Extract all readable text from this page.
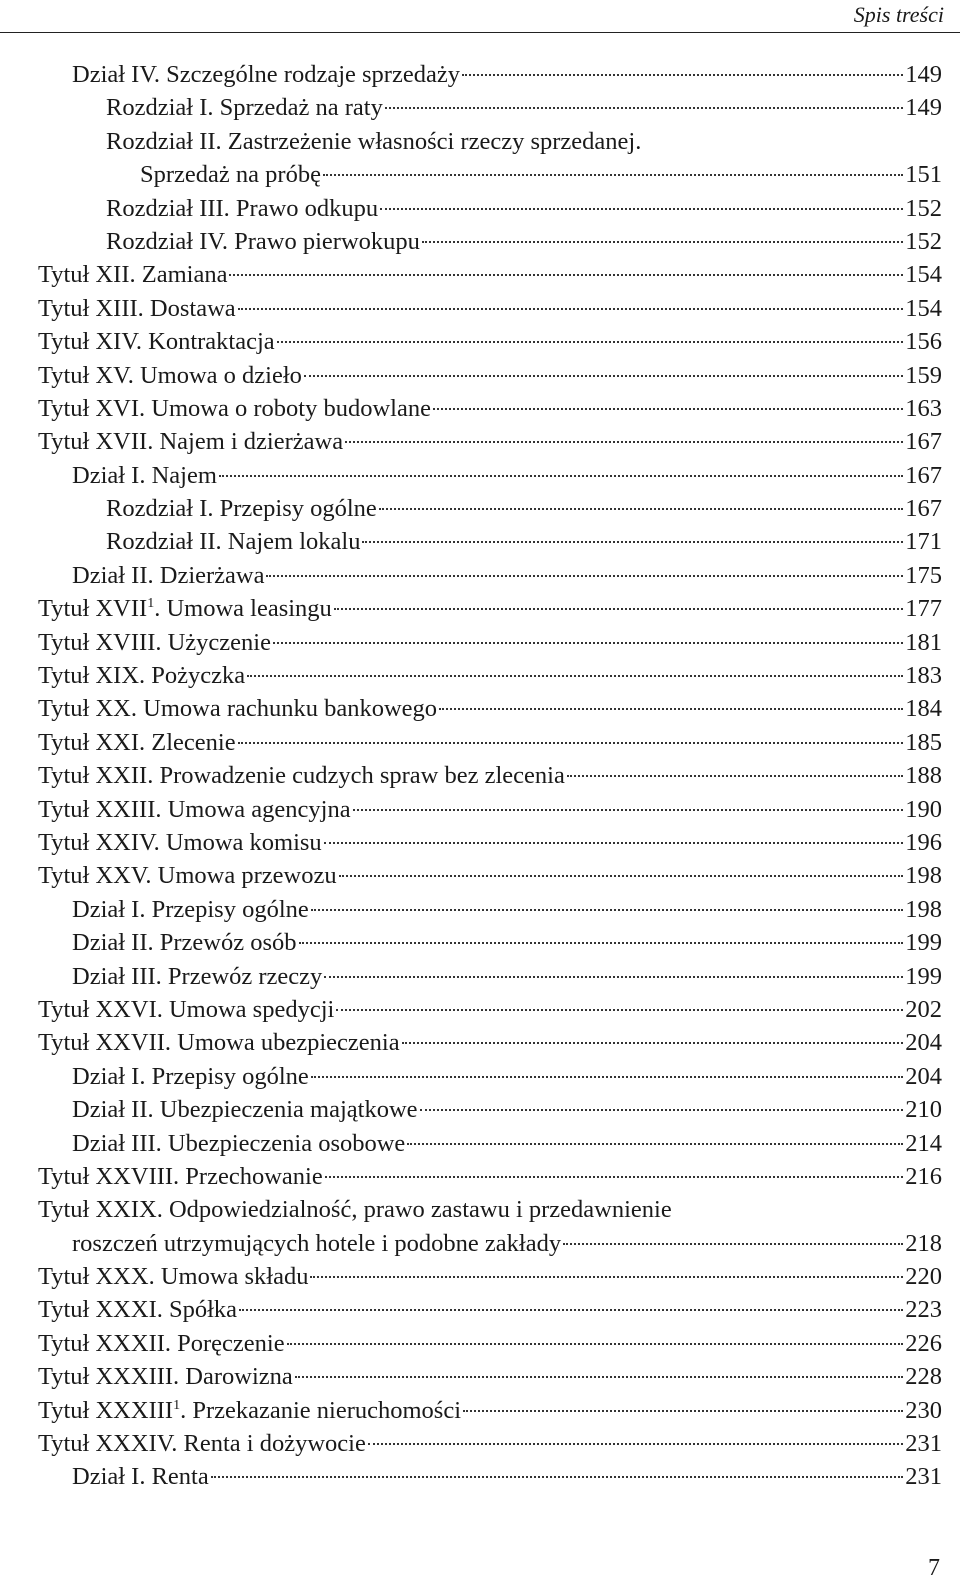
Spis treści
Dział IV. Szczególne rodzaje sprzedaży	149
Rozdział I. Sprzedaż na raty	149
Rozdział II. Zastrzeżenie własności rzeczy sprzedanej.
Sprzedaż na próbę	151
Rozdział III. Prawo odkupu	152
Rozdział IV. Prawo pierwokupu	152
Tytuł XII. Zamiana	154
Tytuł XIII. Dostawa	154
Tytuł XIV. Kontraktacja	156
Tytuł XV. Umowa o dzieło	159
Tytuł XVI. Umowa o roboty budowlane	163
Tytuł XVII. Najem i dzierżawa	167
Dział I. Najem	167
Rozdział I. Przepisy ogólne	167
Rozdział II. Najem lokalu	171
Dział II. Dzierżawa	175
Tytuł XVII$^1$. Umowa leasingu	177
Tytuł XVIII. Użyczenie	181
Tytuł XIX. Pożyczka	183
Tytuł XX. Umowa rachunku bankowego	184
Tytuł XXI. Zlecenie	185
Tytuł XXII. Prowadzenie cudzych spraw bez zlecenia	188
Tytuł XXIII. Umowa agencyjna	190
Tytuł XXIV. Umowa komisu	196
Tytuł XXV. Umowa przewozu	198
Dział I. Przepisy ogólne	198
Dział II. Przewóz osób	199
Dział III. Przewóz rzeczy	199
Tytuł XXVI. Umowa spedycji	202
Tytuł XXVII. Umowa ubezpieczenia	204
Dział I. Przepisy ogólne	204
Dział II. Ubezpieczenia majątkowe	210
Dział III. Ubezpieczenia osobowe	214
Tytuł XXVIII. Przechowanie	216
Tytuł XXIX. Odpowiedzialność, prawo zastawu i przedawnienie
roszczeń utrzymujących hotele i podobne zakłady	218
Tytuł XXX. Umowa składu	220
Tytuł XXXI. Spółka	223
Tytuł XXXII. Poręczenie	226
Tytuł XXXIII. Darowizna	228
Tytuł XXXIII$^1$. Przekazanie nieruchomości	230
Tytuł XXXIV. Renta i dożywocie	231
Dział I. Renta	231
7
